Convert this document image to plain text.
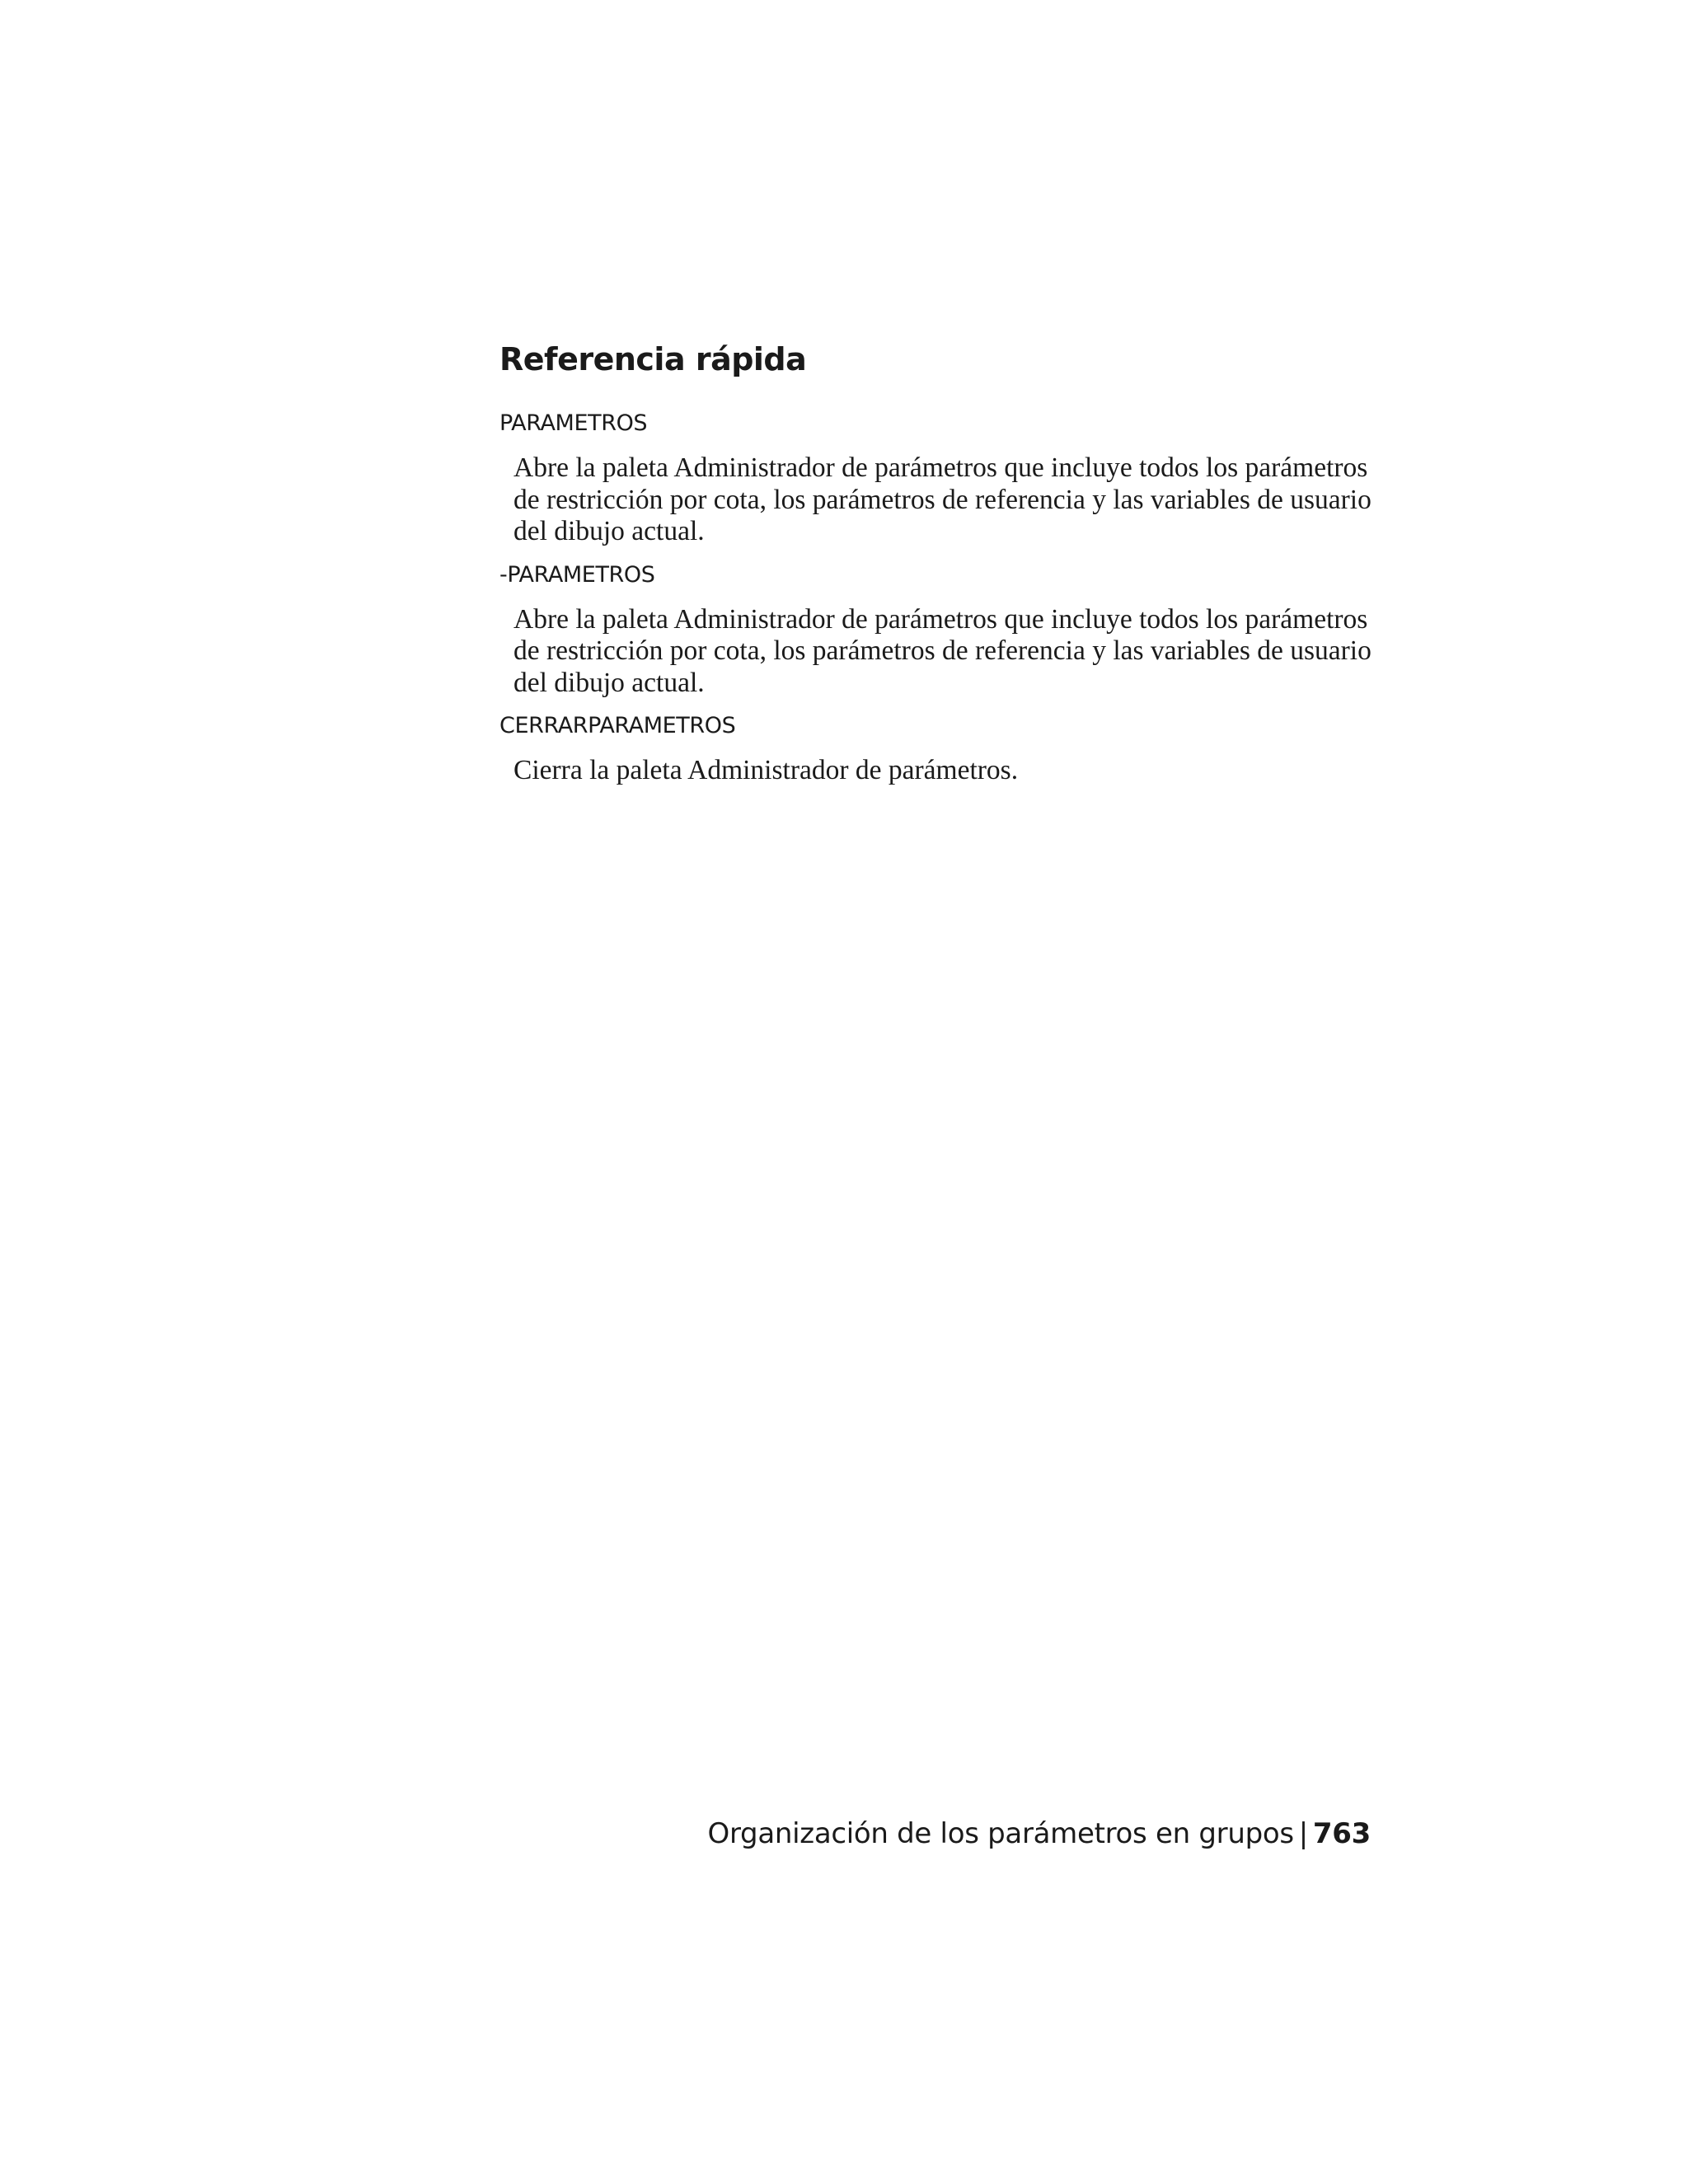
Referencia rápida

PARAMETROS

Abre la paleta Administrador de parámetros que incluye todos los parámetros de restricción por cota, los parámetros de referencia y las variables de usuario del dibujo actual.

-PARAMETROS

Abre la paleta Administrador de parámetros que incluye todos los parámetros de restricción por cota, los parámetros de referencia y las variables de usuario del dibujo actual.

CERRARPARAMETROS

Cierra la paleta Administrador de parámetros.

Organización de los parámetros en grupos | 763
